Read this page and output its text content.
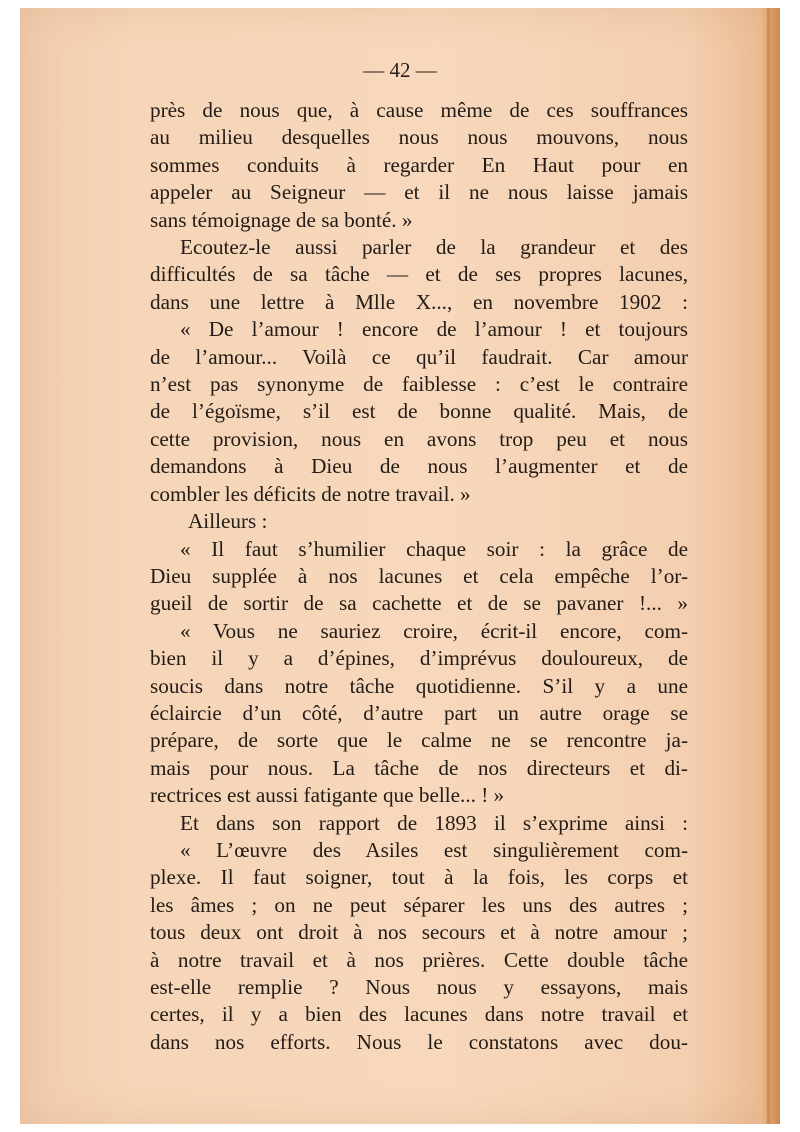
— 42 —
près de nous que, à cause même de ces souffrances
au milieu desquelles nous nous mouvons, nous
sommes conduits à regarder En Haut pour en
appeler au Seigneur — et il ne nous laisse jamais
sans témoignage de sa bonté. »
Ecoutez-le aussi parler de la grandeur et des
difficultés de sa tâche — et de ses propres lacunes,
dans une lettre à Mlle X..., en novembre 1902 :
« De l’amour ! encore de l’amour ! et toujours
de l’amour... Voilà ce qu’il faudrait. Car amour
n’est pas synonyme de faiblesse : c’est le contraire
de l’égoïsme, s’il est de bonne qualité. Mais, de
cette provision, nous en avons trop peu et nous
demandons à Dieu de nous l’augmenter et de
combler les déficits de notre travail. »
Ailleurs :
« Il faut s’humilier chaque soir : la grâce de
Dieu supplée à nos lacunes et cela empêche l’or-
gueil de sortir de sa cachette et de se pavaner !... »
« Vous ne sauriez croire, écrit-il encore, com-
bien il y a d’épines, d’imprévus douloureux, de
soucis dans notre tâche quotidienne. S’il y a une
éclaircie d’un côté, d’autre part un autre orage se
prépare, de sorte que le calme ne se rencontre ja-
mais pour nous. La tâche de nos directeurs et di-
rectrices est aussi fatigante que belle... ! »
Et dans son rapport de 1893 il s’exprime ainsi :
« L’œuvre des Asiles est singulièrement com-
plexe. Il faut soigner, tout à la fois, les corps et
les âmes ; on ne peut séparer les uns des autres ;
tous deux ont droit à nos secours et à notre amour ;
à notre travail et à nos prières. Cette double tâche
est-elle remplie ? Nous nous y essayons, mais
certes, il y a bien des lacunes dans notre travail et
dans nos efforts. Nous le constatons avec dou-
